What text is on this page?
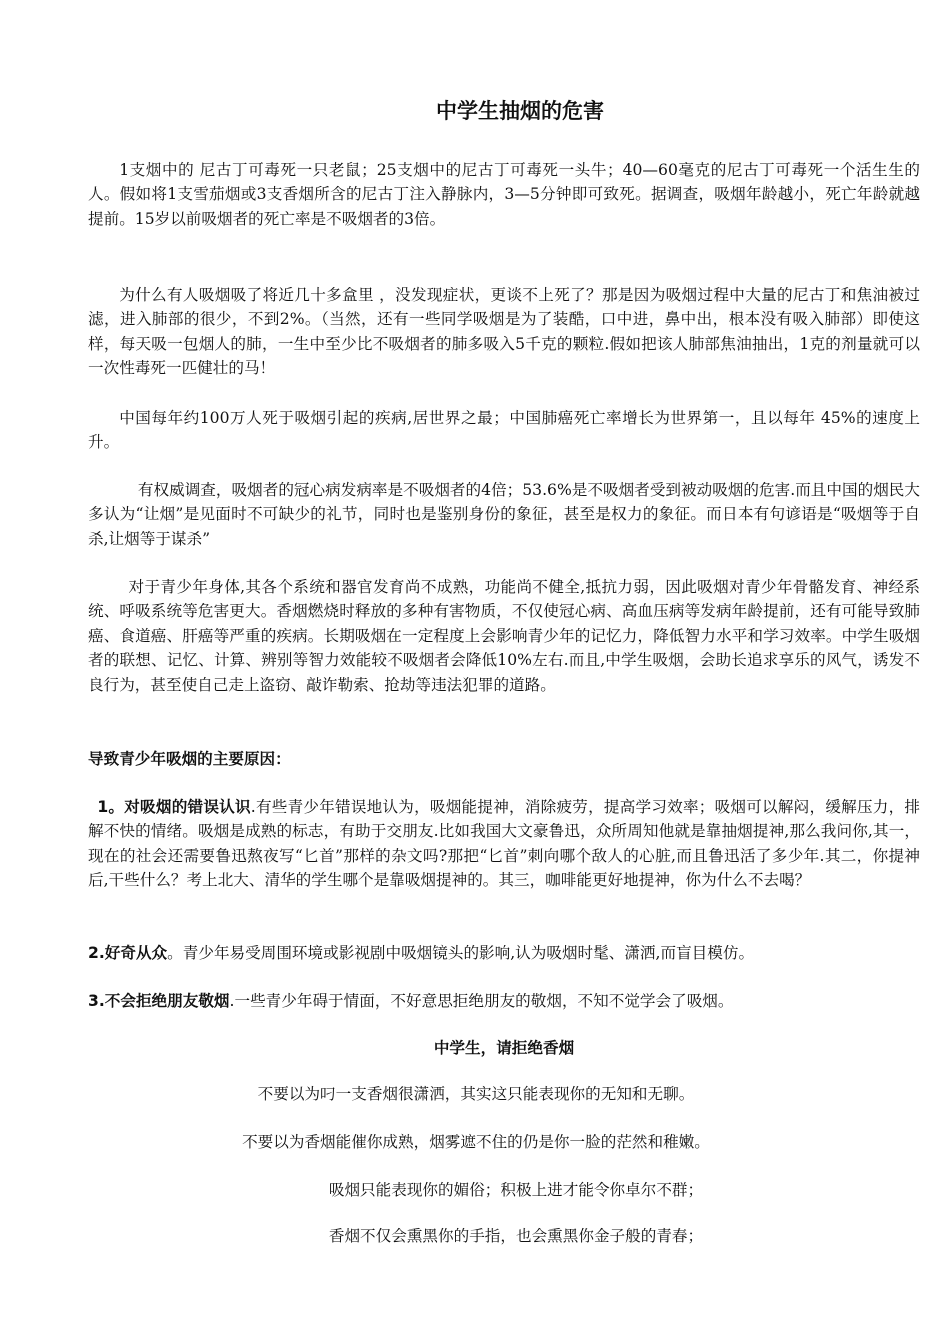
中学生抽烟的危害

1支烟中的 尼古丁可毒死一只老鼠；25支烟中的尼古丁可毒死一头牛；40—60毫克的尼古丁可毒死一个活生生的人。假如将1支雪茄烟或3支香烟所含的尼古丁注入静脉内，3—5分钟即可致死。据调查，吸烟年龄越小，死亡年龄就越提前。15岁以前吸烟者的死亡率是不吸烟者的3倍。

为什么有人吸烟吸了将近几十多盒里 ，没发现症状，更谈不上死了？那是因为吸烟过程中大量的尼古丁和焦油被过滤，进入肺部的很少，不到2%。（当然，还有一些同学吸烟是为了装酷，口中进，鼻中出，根本没有吸入肺部）即使这样，每天吸一包烟人的肺，一生中至少比不吸烟者的肺多吸入5千克的颗粒.假如把该人肺部焦油抽出，1克的剂量就可以一次性毒死一匹健壮的马！

中国每年约100万人死于吸烟引起的疾病,居世界之最；中国肺癌死亡率增长为世界第一，且以每年 45%的速度上升。

有权威调查，吸烟者的冠心病发病率是不吸烟者的4倍；53.6%是不吸烟者受到被动吸烟的危害.而且中国的烟民大多认为“让烟”是见面时不可缺少的礼节，同时也是鉴别身份的象征，甚至是权力的象征。而日本有句谚语是“吸烟等于自杀,让烟等于谋杀”

对于青少年身体,其各个系统和器官发育尚不成熟，功能尚不健全,抵抗力弱，因此吸烟对青少年骨骼发育、神经系统、呼吸系统等危害更大。香烟燃烧时释放的多种有害物质，不仅使冠心病、高血压病等发病年龄提前，还有可能导致肺癌、食道癌、肝癌等严重的疾病。长期吸烟在一定程度上会影响青少年的记忆力，降低智力水平和学习效率。中学生吸烟者的联想、记忆、计算、辨别等智力效能较不吸烟者会降低10%左右.而且,中学生吸烟，会助长追求享乐的风气，诱发不良行为，甚至使自己走上盗窃、敲诈勒索、抢劫等违法犯罪的道路。

导致青少年吸烟的主要原因：

1。对吸烟的错误认识.有些青少年错误地认为，吸烟能提神，消除疲劳，提高学习效率；吸烟可以解闷，缓解压力，排解不快的情绪。吸烟是成熟的标志，有助于交朋友.比如我国大文豪鲁迅，众所周知他就是靠抽烟提神,那么我问你,其一，现在的社会还需要鲁迅熬夜写“匕首”那样的杂文吗?那把“匕首”刺向哪个敌人的心脏,而且鲁迅活了多少年.其二，你提神后,干些什么？考上北大、清华的学生哪个是靠吸烟提神的。其三，咖啡能更好地提神，你为什么不去喝？

2.好奇从众。青少年易受周围环境或影视剧中吸烟镜头的影响,认为吸烟时髦、潇洒,而盲目模仿。

3.不会拒绝朋友敬烟.一些青少年碍于情面，不好意思拒绝朋友的敬烟，不知不觉学会了吸烟。

中学生，请拒绝香烟

不要以为叼一支香烟很潇洒，其实这只能表现你的无知和无聊。

不要以为香烟能催你成熟，烟雾遮不住的仍是你一脸的茫然和稚嫩。

吸烟只能表现你的媚俗；积极上进才能令你卓尔不群；

香烟不仅会熏黑你的手指，也会熏黑你金子般的青春；
